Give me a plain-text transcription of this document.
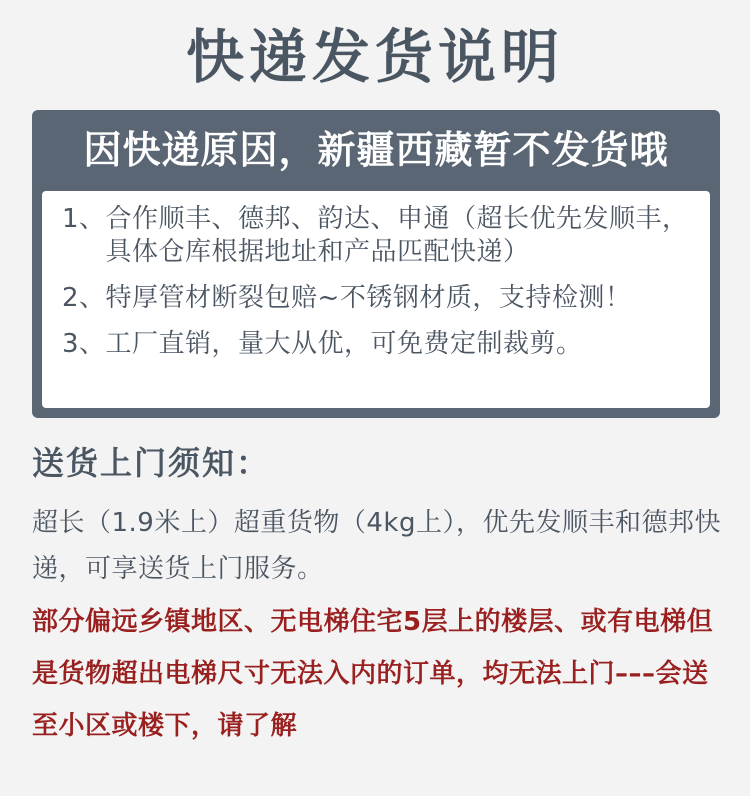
快递发货说明
因快递原因，新疆西藏暂不发货哦
1、 合作顺丰、德邦、韵达、申通（超长优先发顺丰，具体仓库根据地址和产品匹配快递）
2、 特厚管材断裂包赔~不锈钢材质，支持检测！
3、 工厂直销，量大从优，可免费定制裁剪。
送货上门须知：
超长（1.9米上）超重货物（4kg上），优先发顺丰和德邦快递，可享送货上门服务。
部分偏远乡镇地区、无电梯住宅5层上的楼层、或有电梯但是货物超出电梯尺寸无法入内的订单，均无法上门–––会送至小区或楼下，请了解
